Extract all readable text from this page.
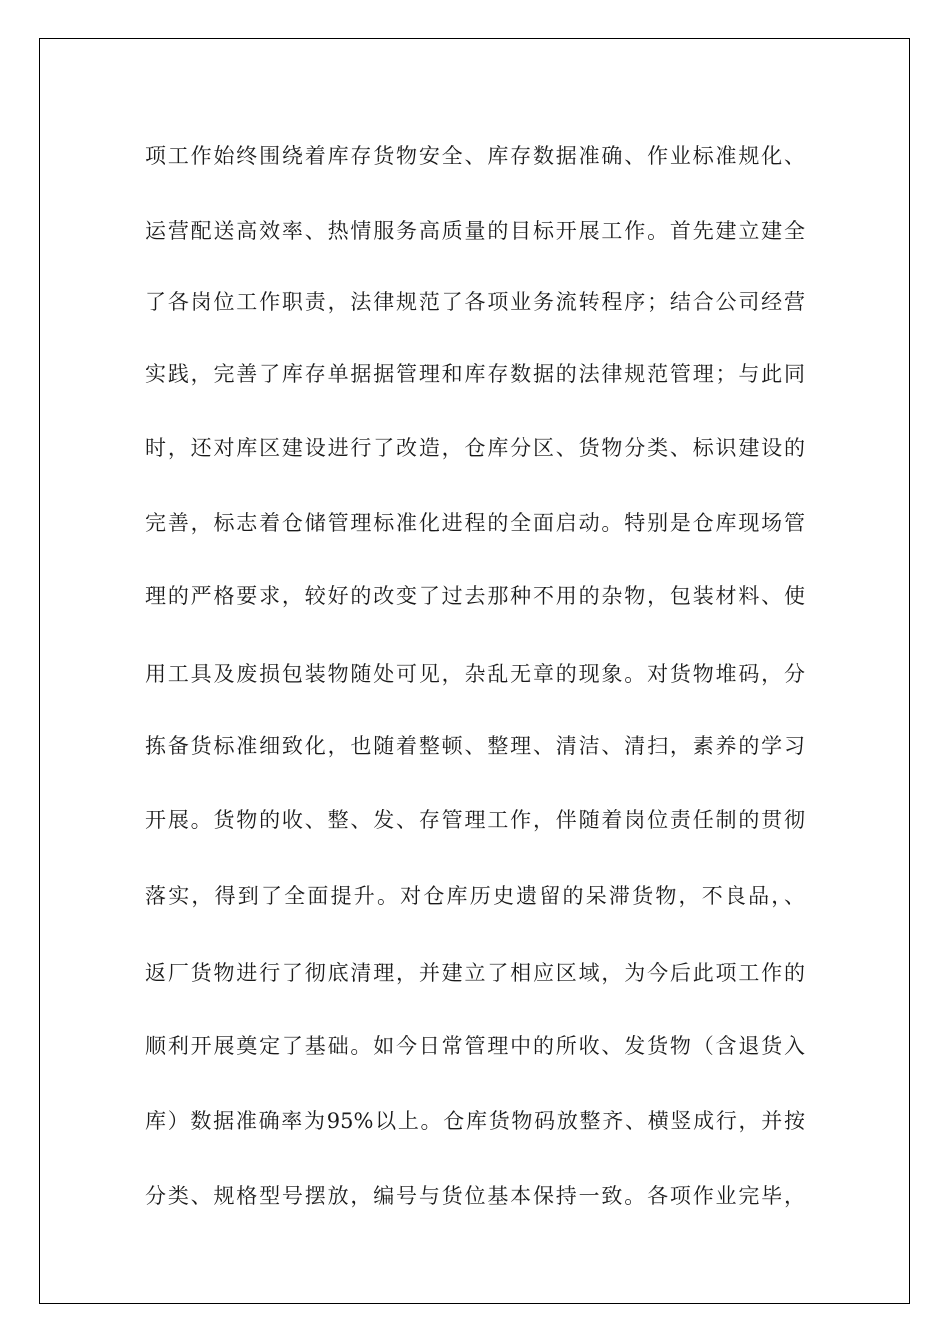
项工作始终围绕着库存货物安全、库存数据准确、作业标准规化、
运营配送高效率、热情服务高质量的目标开展工作。首先建立建全
了各岗位工作职责，法律规范了各项业务流转程序；结合公司经营
实践，完善了库存单据据管理和库存数据的法律规范管理；与此同
时，还对库区建设进行了改造，仓库分区、货物分类、标识建设的
完善，标志着仓储管理标准化进程的全面启动。特别是仓库现场管
理的严格要求，较好的改变了过去那种不用的杂物，包装材料、使
用工具及废损包装物随处可见，杂乱无章的现象。对货物堆码，分
拣备货标准细致化，也随着整顿、整理、清洁、清扫，素养的学习
开展。货物的收、整、发、存管理工作，伴随着岗位责任制的贯彻
落实，得到了全面提升。对仓库历史遗留的呆滞货物，不良品，、
返厂货物进行了彻底清理，并建立了相应区域，为今后此项工作的
顺利开展奠定了基础。如今日常管理中的所收、发货物（含退货入
库）数据准确率为95%以上。仓库货物码放整齐、横竖成行，并按
分类、规格型号摆放，编号与货位基本保持一致。各项作业完毕，
